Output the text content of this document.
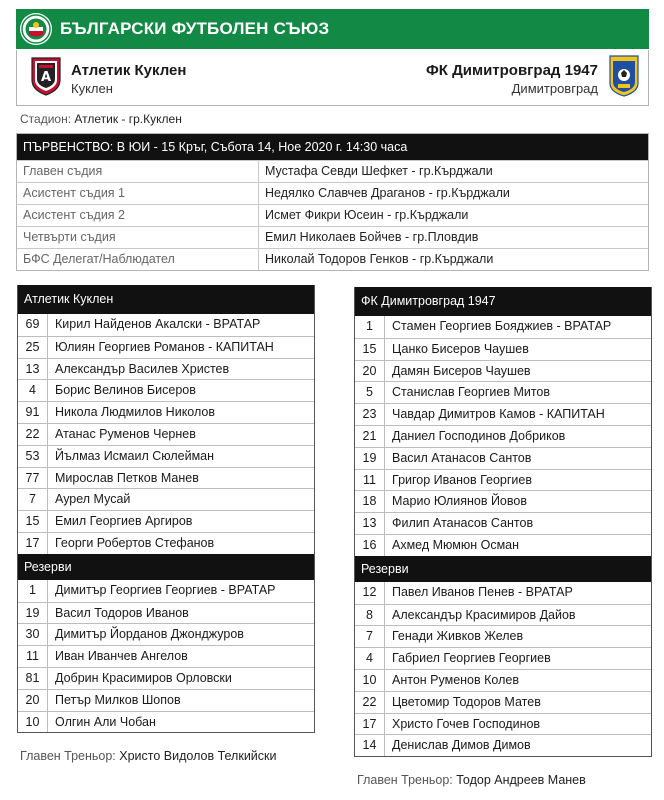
БЪЛГАРСКИ ФУТБОЛЕН СЪЮЗ
A Атлетик Куклен
Куклен
ФК Димитровград 1947
Димитровград
Стадион: Атлетик - гр.Куклен
ПЪРВЕНСТВО: В ЮИ - 15 Кръг, Събота 14, Ное 2020 г. 14:30 часа
Главен съдия	Мустафа Севди Шефкет - гр.Кърджали
Асистент съдия 1	Недялко Славчев Драганов - гр.Кърджали
Асистент съдия 2	Исмет Фикри Юсеин - гр.Кърджали
Четвърти съдия	Емил Николаев Бойчев - гр.Пловдив
БФС Делегат/Наблюдател	Николай Тодоров Генков - гр.Кърджали
Атлетик Куклен
69	Кирил Найденов Акалски - ВРАТАР
25	Юлиян Георгиев Романов - КАПИТАН
13	Александър Василев Христев
4	Борис Велинов Бисеров
91	Никола Людмилов Николов
22	Атанас Руменов Чернев
53	Йълмаз Исмаил Сюлейман
77	Мирослав Петков Манев
7	Аурел Мусай
15	Емил Георгиев Аргиров
17	Георги Робертов Стефанов
Резерви
1	Димитър Георгиев Георгиев - ВРАТАР
19	Васил Тодоров Иванов
30	Димитър Йорданов Джонджуров
11	Иван Иванчев Ангелов
81	Добрин Красимиров Орловски
20	Петър Милков Шопов
10	Олгин Али Чобан
Главен Треньор: Христо Видолов Телкийски
ФК Димитровград 1947
1	Стамен Георгиев Бояджиев - ВРАТАР
15	Цанко Бисеров Чаушев
20	Дамян Бисеров Чаушев
5	Станислав Георгиев Митов
23	Чавдар Димитров Камов - КАПИТАН
21	Даниел Господинов Добриков
19	Васил Атанасов Сантов
11	Григор Иванов Георгиев
18	Марио Юлиянов Йовов
13	Филип Атанасов Сантов
16	Ахмед Мюмюн Осман
Резерви
12	Павел Иванов Пенев - ВРАТАР
8	Александър Красимиров Дайов
7	Генади Живков Желев
4	Габриел Георгиев Георгиев
10	Антон Руменов Колев
22	Цветомир Тодоров Матев
17	Христо Гочев Господинов
14	Денислав Димов Димов
Главен Треньор: Тодор Андреев Манев
